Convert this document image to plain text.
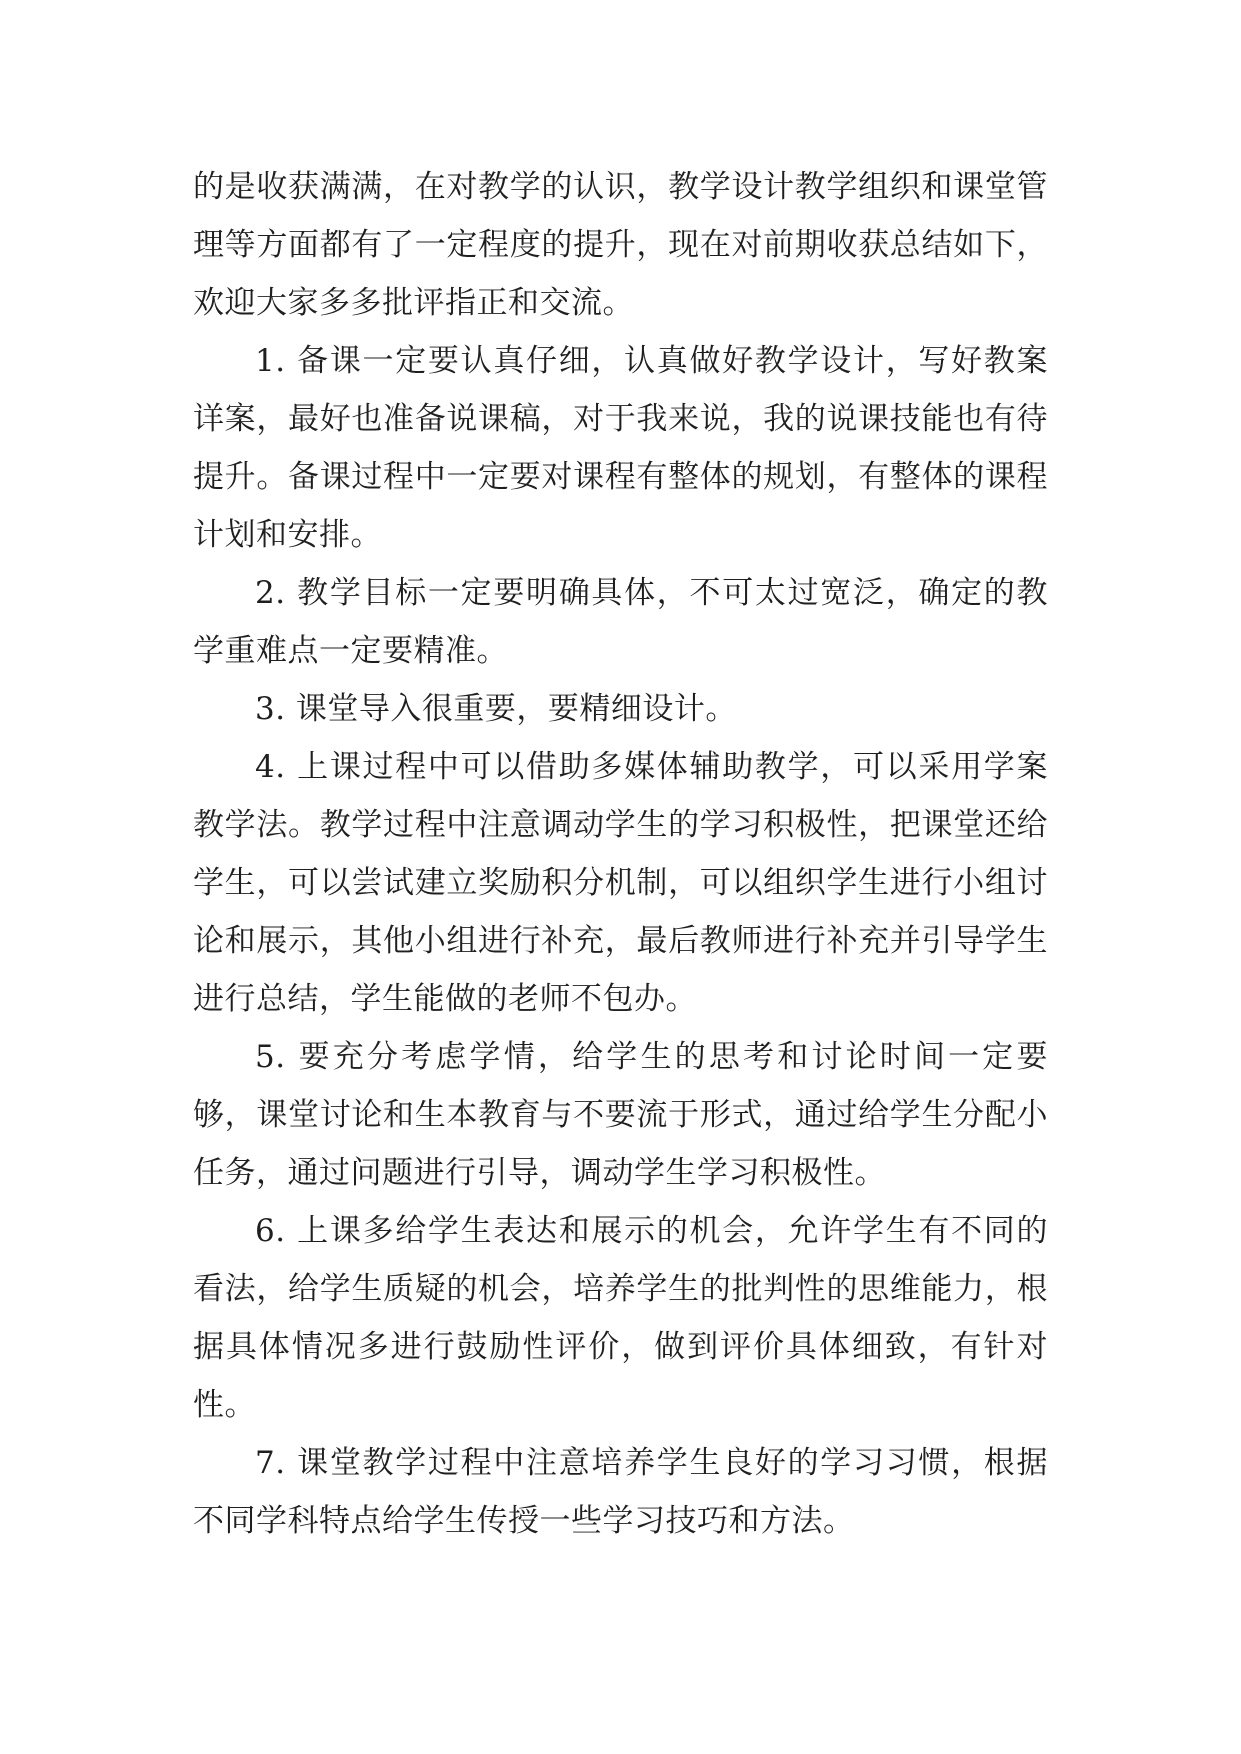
的是收获满满，在对教学的认识，教学设计教学组织和课堂管理等方面都有了一定程度的提升，现在对前期收获总结如下，欢迎大家多多批评指正和交流。

1. 备课一定要认真仔细，认真做好教学设计，写好教案详案，最好也准备说课稿，对于我来说，我的说课技能也有待提升。备课过程中一定要对课程有整体的规划，有整体的课程计划和安排。

2. 教学目标一定要明确具体，不可太过宽泛，确定的教学重难点一定要精准。

3. 课堂导入很重要，要精细设计。

4. 上课过程中可以借助多媒体辅助教学，可以采用学案教学法。教学过程中注意调动学生的学习积极性，把课堂还给学生，可以尝试建立奖励积分机制，可以组织学生进行小组讨论和展示，其他小组进行补充，最后教师进行补充并引导学生进行总结，学生能做的老师不包办。

5. 要充分考虑学情，给学生的思考和讨论时间一定要够，课堂讨论和生本教育与不要流于形式，通过给学生分配小任务，通过问题进行引导，调动学生学习积极性。

6. 上课多给学生表达和展示的机会，允许学生有不同的看法，给学生质疑的机会，培养学生的批判性的思维能力，根据具体情况多进行鼓励性评价，做到评价具体细致，有针对性。

7. 课堂教学过程中注意培养学生良好的学习习惯，根据不同学科特点给学生传授一些学习技巧和方法。
